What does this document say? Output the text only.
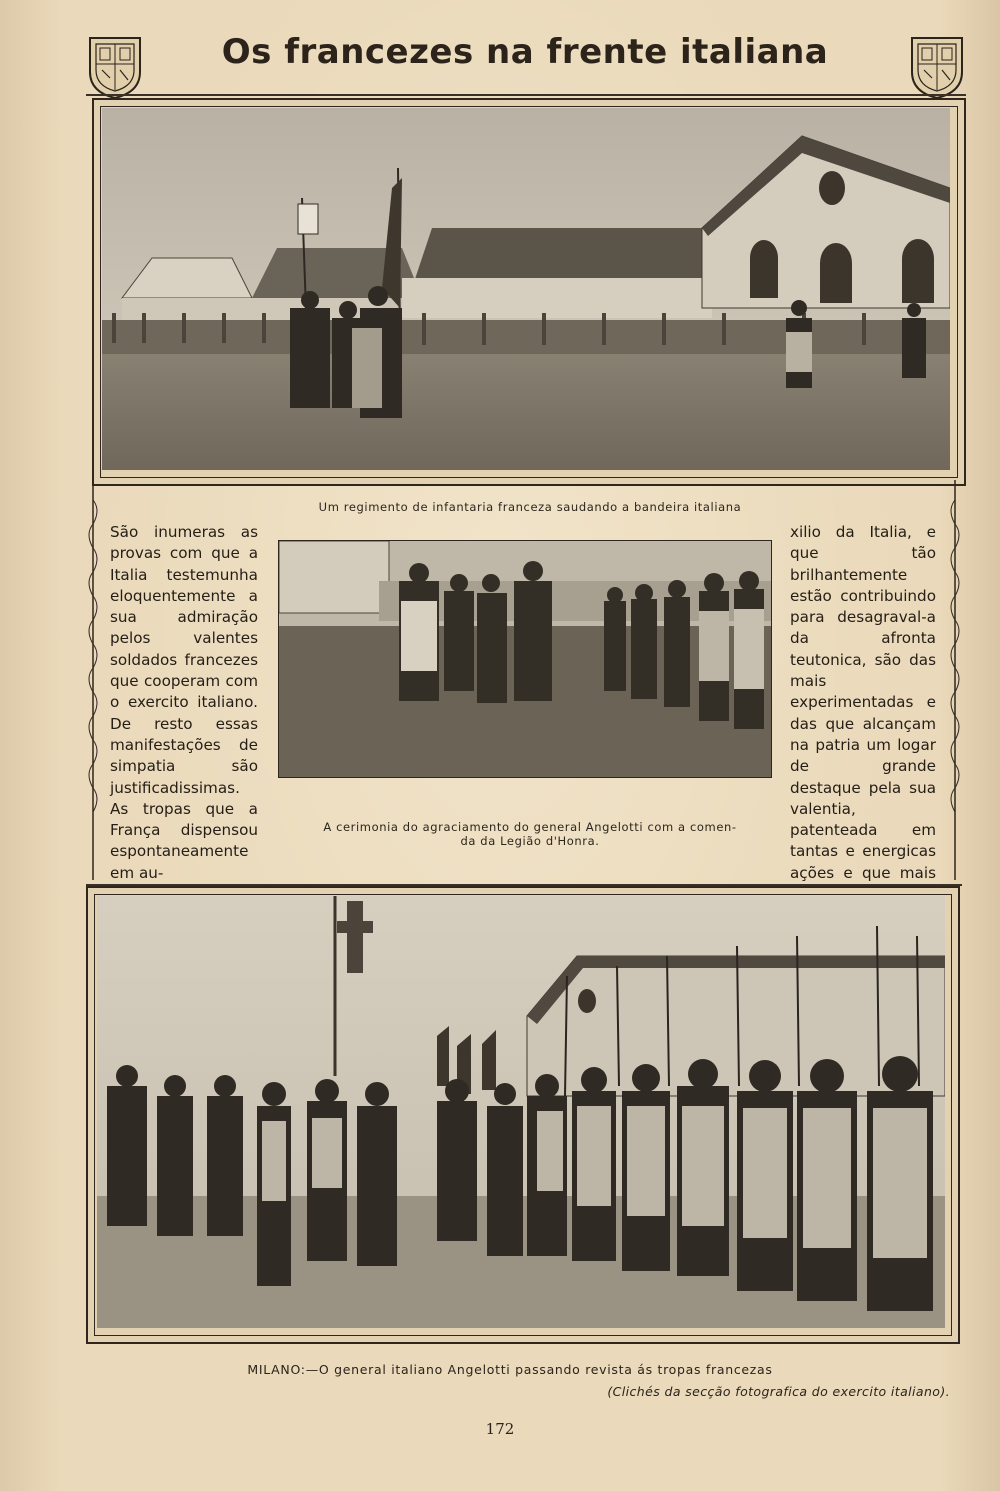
Os francezes na frente italiana
Um regimento de infantaria franceza saudando a bandeira italiana
A cerimonia do agraciamento do general Angelotti com a comen-
da da Legião d'Honra.
São inumeras as provas com que a Italia testemunha eloquentemente a sua admiração pelos valentes soldados francezes que cooperam com o exercito italiano. De resto essas manifestações de simpatia são justificadissimas. As tropas que a França dispensou espontaneamente em au-
xilio da Italia, e que tão brilhantemente estão contribuindo para desagraval-a da afronta teutonica, são das mais experimentadas e das que alcançam na patria um logar de grande destaque pela sua valentia, patenteada em tantas e energicas ações e que mais
MILANO:—O general italiano Angelotti passando revista ás tropas francezas
(Clichés da secção fotografica do exercito italiano).
172
